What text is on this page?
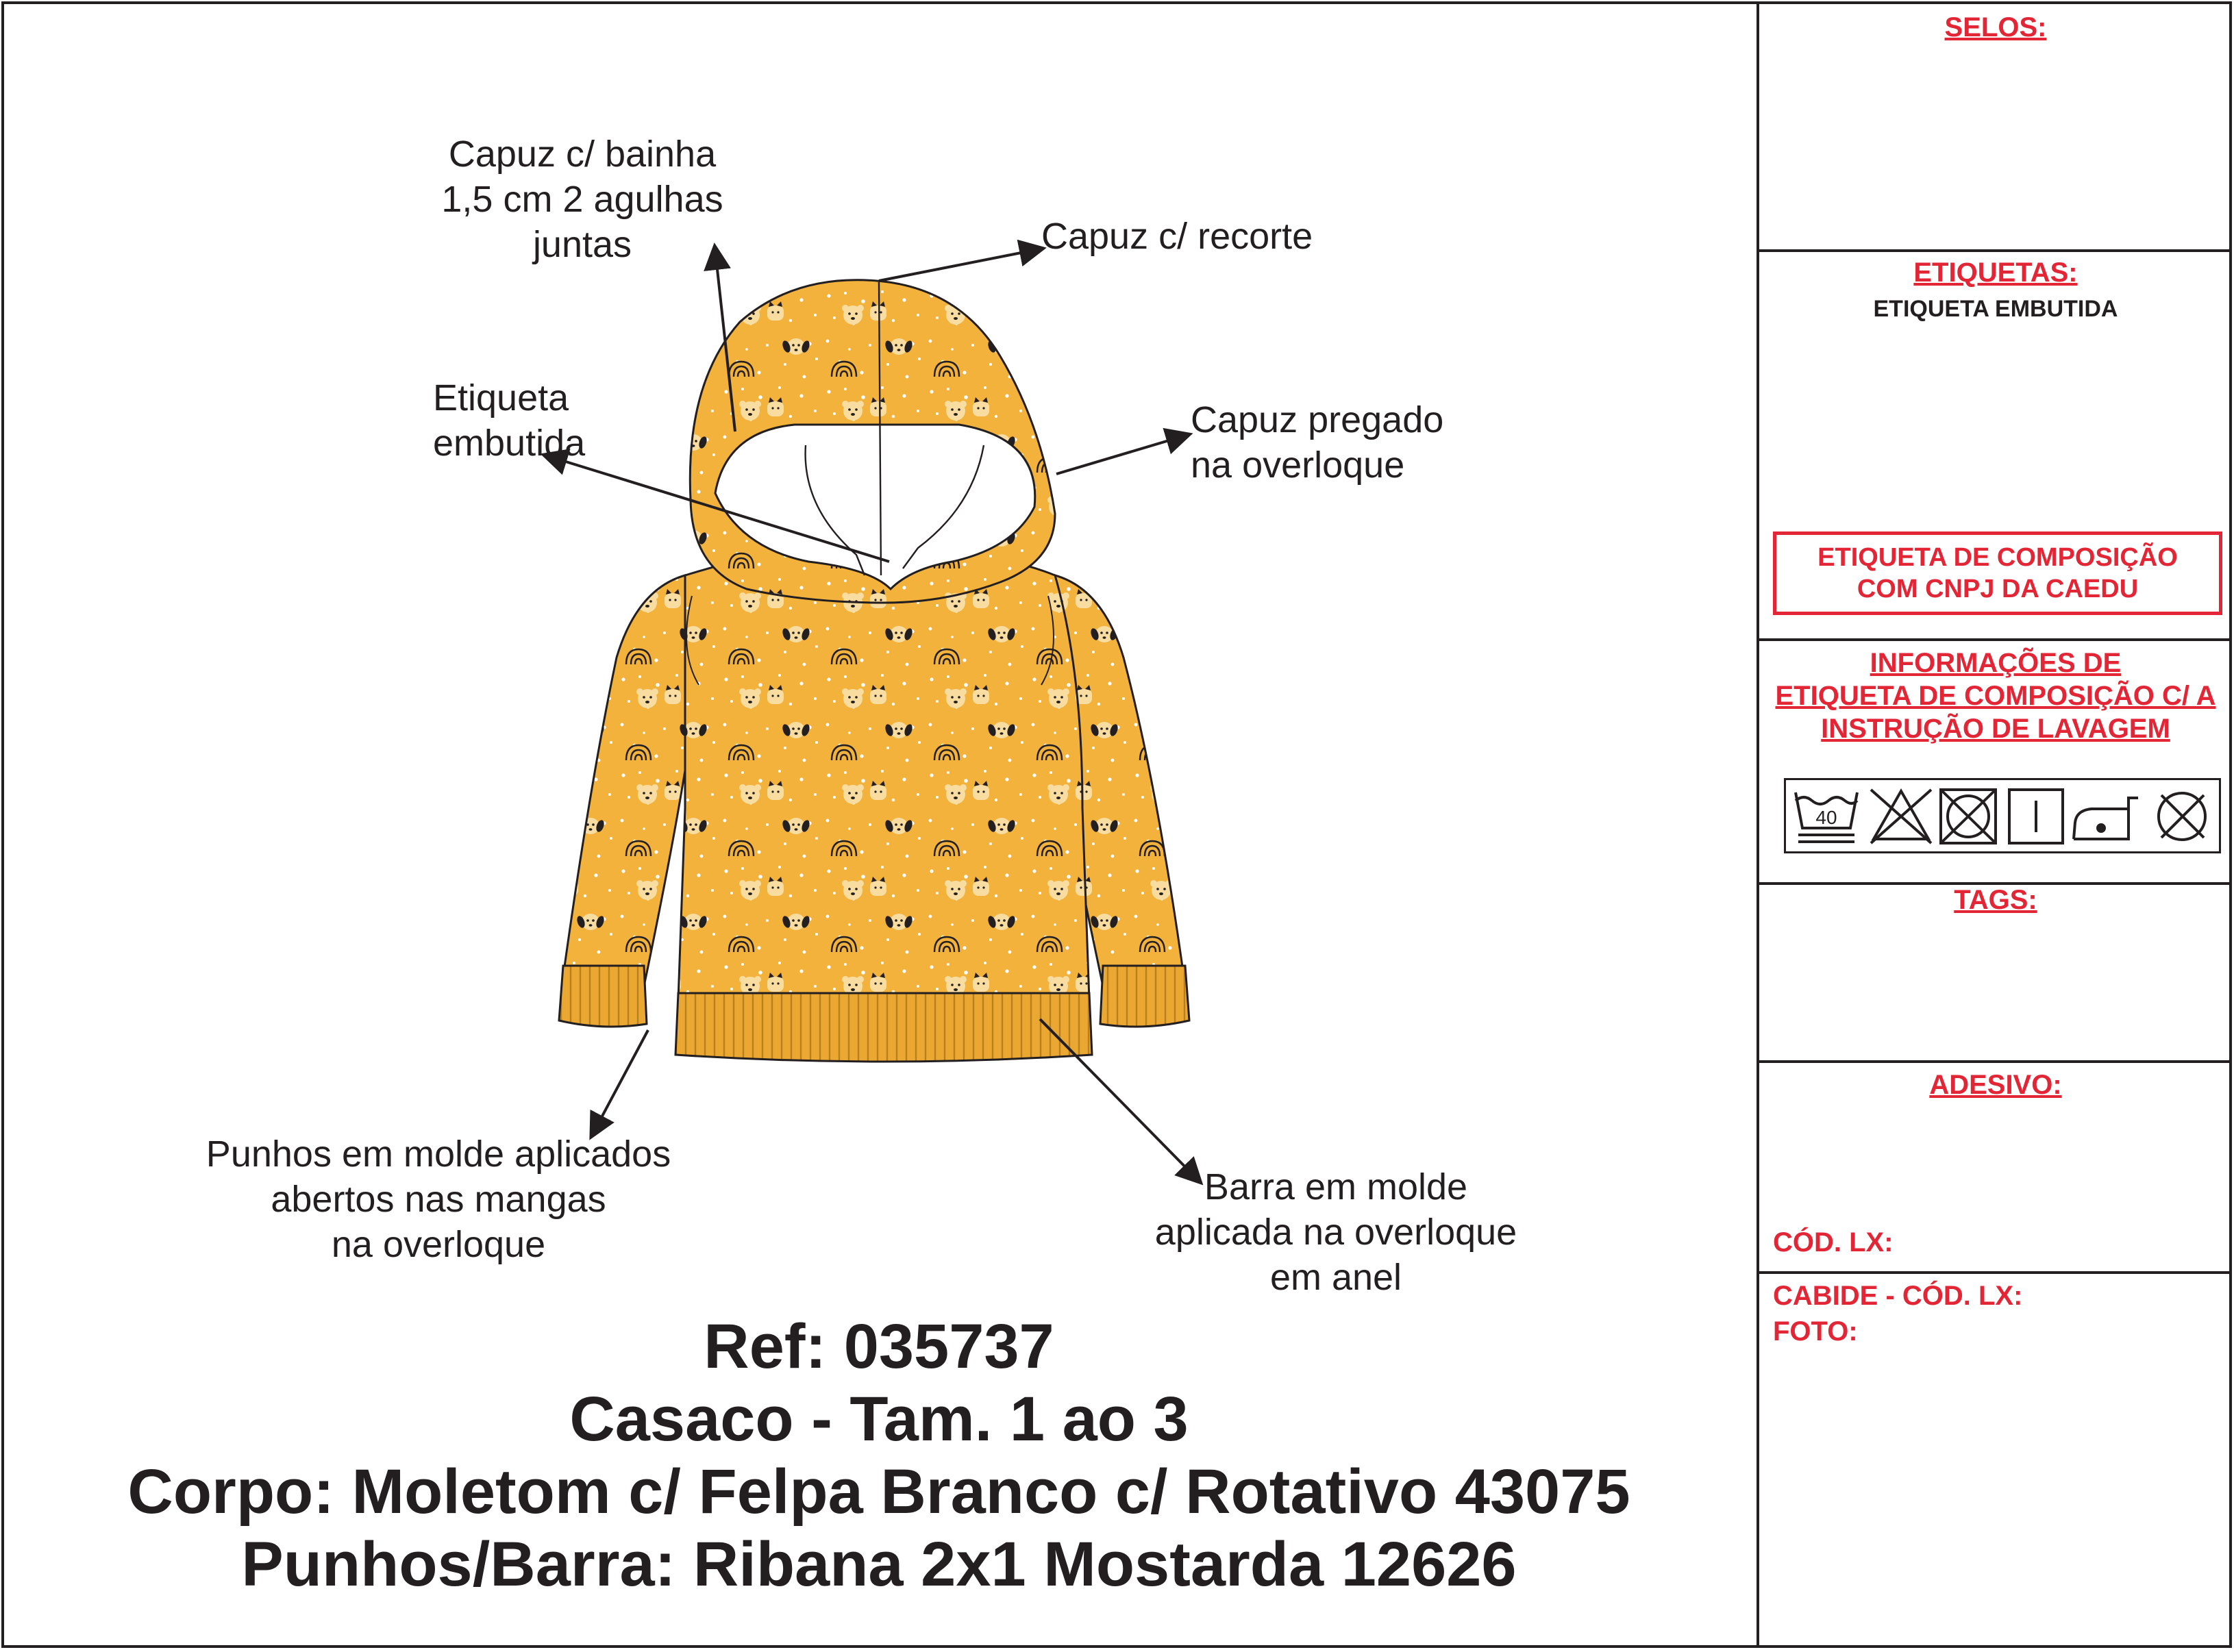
SELOS:
ETIQUETAS:
ETIQUETA EMBUTIDA
ETIQUETA DE COMPOSIÇÃO
COM CNPJ DA CAEDU
INFORMAÇÕES DE
ETIQUETA DE COMPOSIÇÃO C/ A
INSTRUÇÃO DE LAVAGEM
40
TAGS:
ADESIVO:
CÓD. LX:
CABIDE - CÓD. LX:
FOTO:
Capuz c/ bainha
1,5 cm 2 agulhas
juntas	Capuz c/ recorte
Etiqueta
embutida
Capuz pregado
na overloque
Punhos em molde aplicados
abertos nas mangas
na overloque
Barra em molde
aplicada na overloque
em anel
Ref: 035737
Casaco - Tam. 1 ao 3
Corpo: Moletom c/ Felpa Branco c/ Rotativo 43075
Punhos/Barra: Ribana 2x1 Mostarda 12626
